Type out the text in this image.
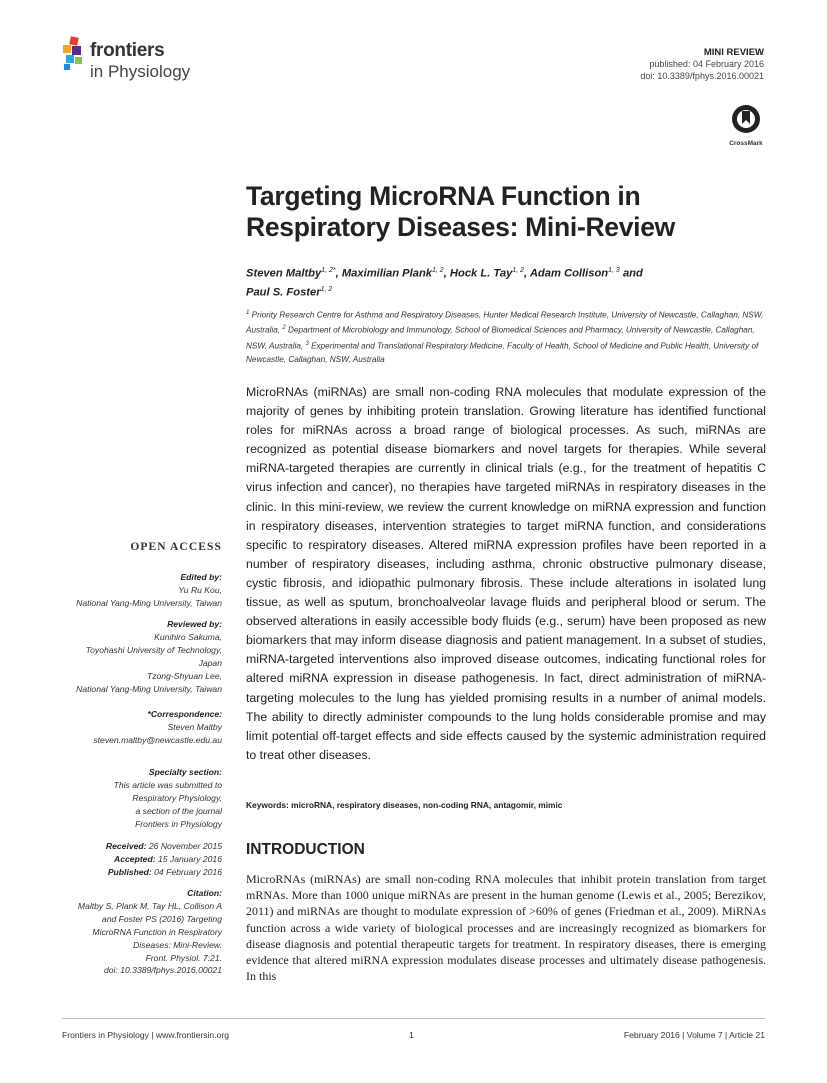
frontiers
in Physiology
MINI REVIEW
published: 04 February 2016
doi: 10.3389/fphys.2016.00021
CrossMark
Targeting MicroRNA Function in
Respiratory Diseases: Mini-Review
Steven Maltby$^{1, 2*}$, Maximilian Plank$^{1, 2}$, Hock L. Tay$^{1, 2}$, Adam Collison$^{1, 3}$ and
Paul S. Foster$^{1, 2}$
$^1$ Priority Research Centre for Asthma and Respiratory Diseases, Hunter Medical Research Institute, University of Newcastle, Callaghan, NSW, Australia, $^2$ Department of Microbiology and Immunology, School of Biomedical Sciences and Pharmacy, University of Newcastle, Callaghan, NSW, Australia, $^3$ Experimental and Translational Respiratory Medicine, Faculty of Health, School of Medicine and Public Health, University of Newcastle, Callaghan, NSW, Australia
MicroRNAs (miRNAs) are small non-coding RNA molecules that modulate expression of the majority of genes by inhibiting protein translation. Growing literature has identified functional roles for miRNAs across a broad range of biological processes. As such, miRNAs are recognized as potential disease biomarkers and novel targets for therapies. While several miRNA-targeted therapies are currently in clinical trials (e.g., for the treatment of hepatitis C virus infection and cancer), no therapies have targeted miRNAs in respiratory diseases in the clinic. In this mini-review, we review the current knowledge on miRNA expression and function in respiratory diseases, intervention strategies to target miRNA function, and considerations specific to respiratory diseases. Altered miRNA expression profiles have been reported in a number of respiratory diseases, including asthma, chronic obstructive pulmonary disease, cystic fibrosis, and idiopathic pulmonary fibrosis. These include alterations in isolated lung tissue, as well as sputum, bronchoalveolar lavage fluids and peripheral blood or serum. The observed alterations in easily accessible body fluids (e.g., serum) have been proposed as new biomarkers that may inform disease diagnosis and patient management. In a subset of studies, miRNA-targeted interventions also improved disease outcomes, indicating functional roles for altered miRNA expression in disease pathogenesis. In fact, direct administration of miRNA-targeting molecules to the lung has yielded promising results in a number of animal models. The ability to directly administer compounds to the lung holds considerable promise and may limit potential off-target effects and side effects caused by the systemic administration required to treat other diseases.
Keywords: microRNA, respiratory diseases, non-coding RNA, antagomir, mimic
INTRODUCTION
MicroRNAs (miRNAs) are small non-coding RNA molecules that inhibit protein translation from target mRNAs. More than 1000 unique miRNAs are present in the human genome (Lewis et al., 2005; Berezikov, 2011) and miRNAs are thought to modulate expression of >60% of genes (Friedman et al., 2009). MiRNAs function across a wide variety of biological processes and are increasingly recognized as biomarkers for disease diagnosis and potential therapeutic targets for treatment. In respiratory diseases, there is emerging evidence that altered miRNA expression modulates disease processes and ultimately disease pathogenesis. In this
OPEN ACCESS
Edited by:
Yu Ru Kou,
National Yang-Ming University, Taiwan
Reviewed by:
Kunihiro Sakuma,
Toyohashi University of Technology,
Japan
Tzong-Shyuan Lee,
National Yang-Ming University, Taiwan
*Correspondence:
Steven Maltby
steven.maltby@newcastle.edu.au
Specialty section:
This article was submitted to
Respiratory Physiology,
a section of the journal
Frontiers in Physiology
Received: 26 November 2015
Accepted: 15 January 2016
Published: 04 February 2016
Citation:
Maltby S, Plank M, Tay HL, Collison A
and Foster PS (2016) Targeting
MicroRNA Function in Respiratory
Diseases: Mini-Review.
Front. Physiol. 7:21.
doi: 10.3389/fphys.2016.00021
Frontiers in Physiology | www.frontiersin.org	1	February 2016 | Volume 7 | Article 21
